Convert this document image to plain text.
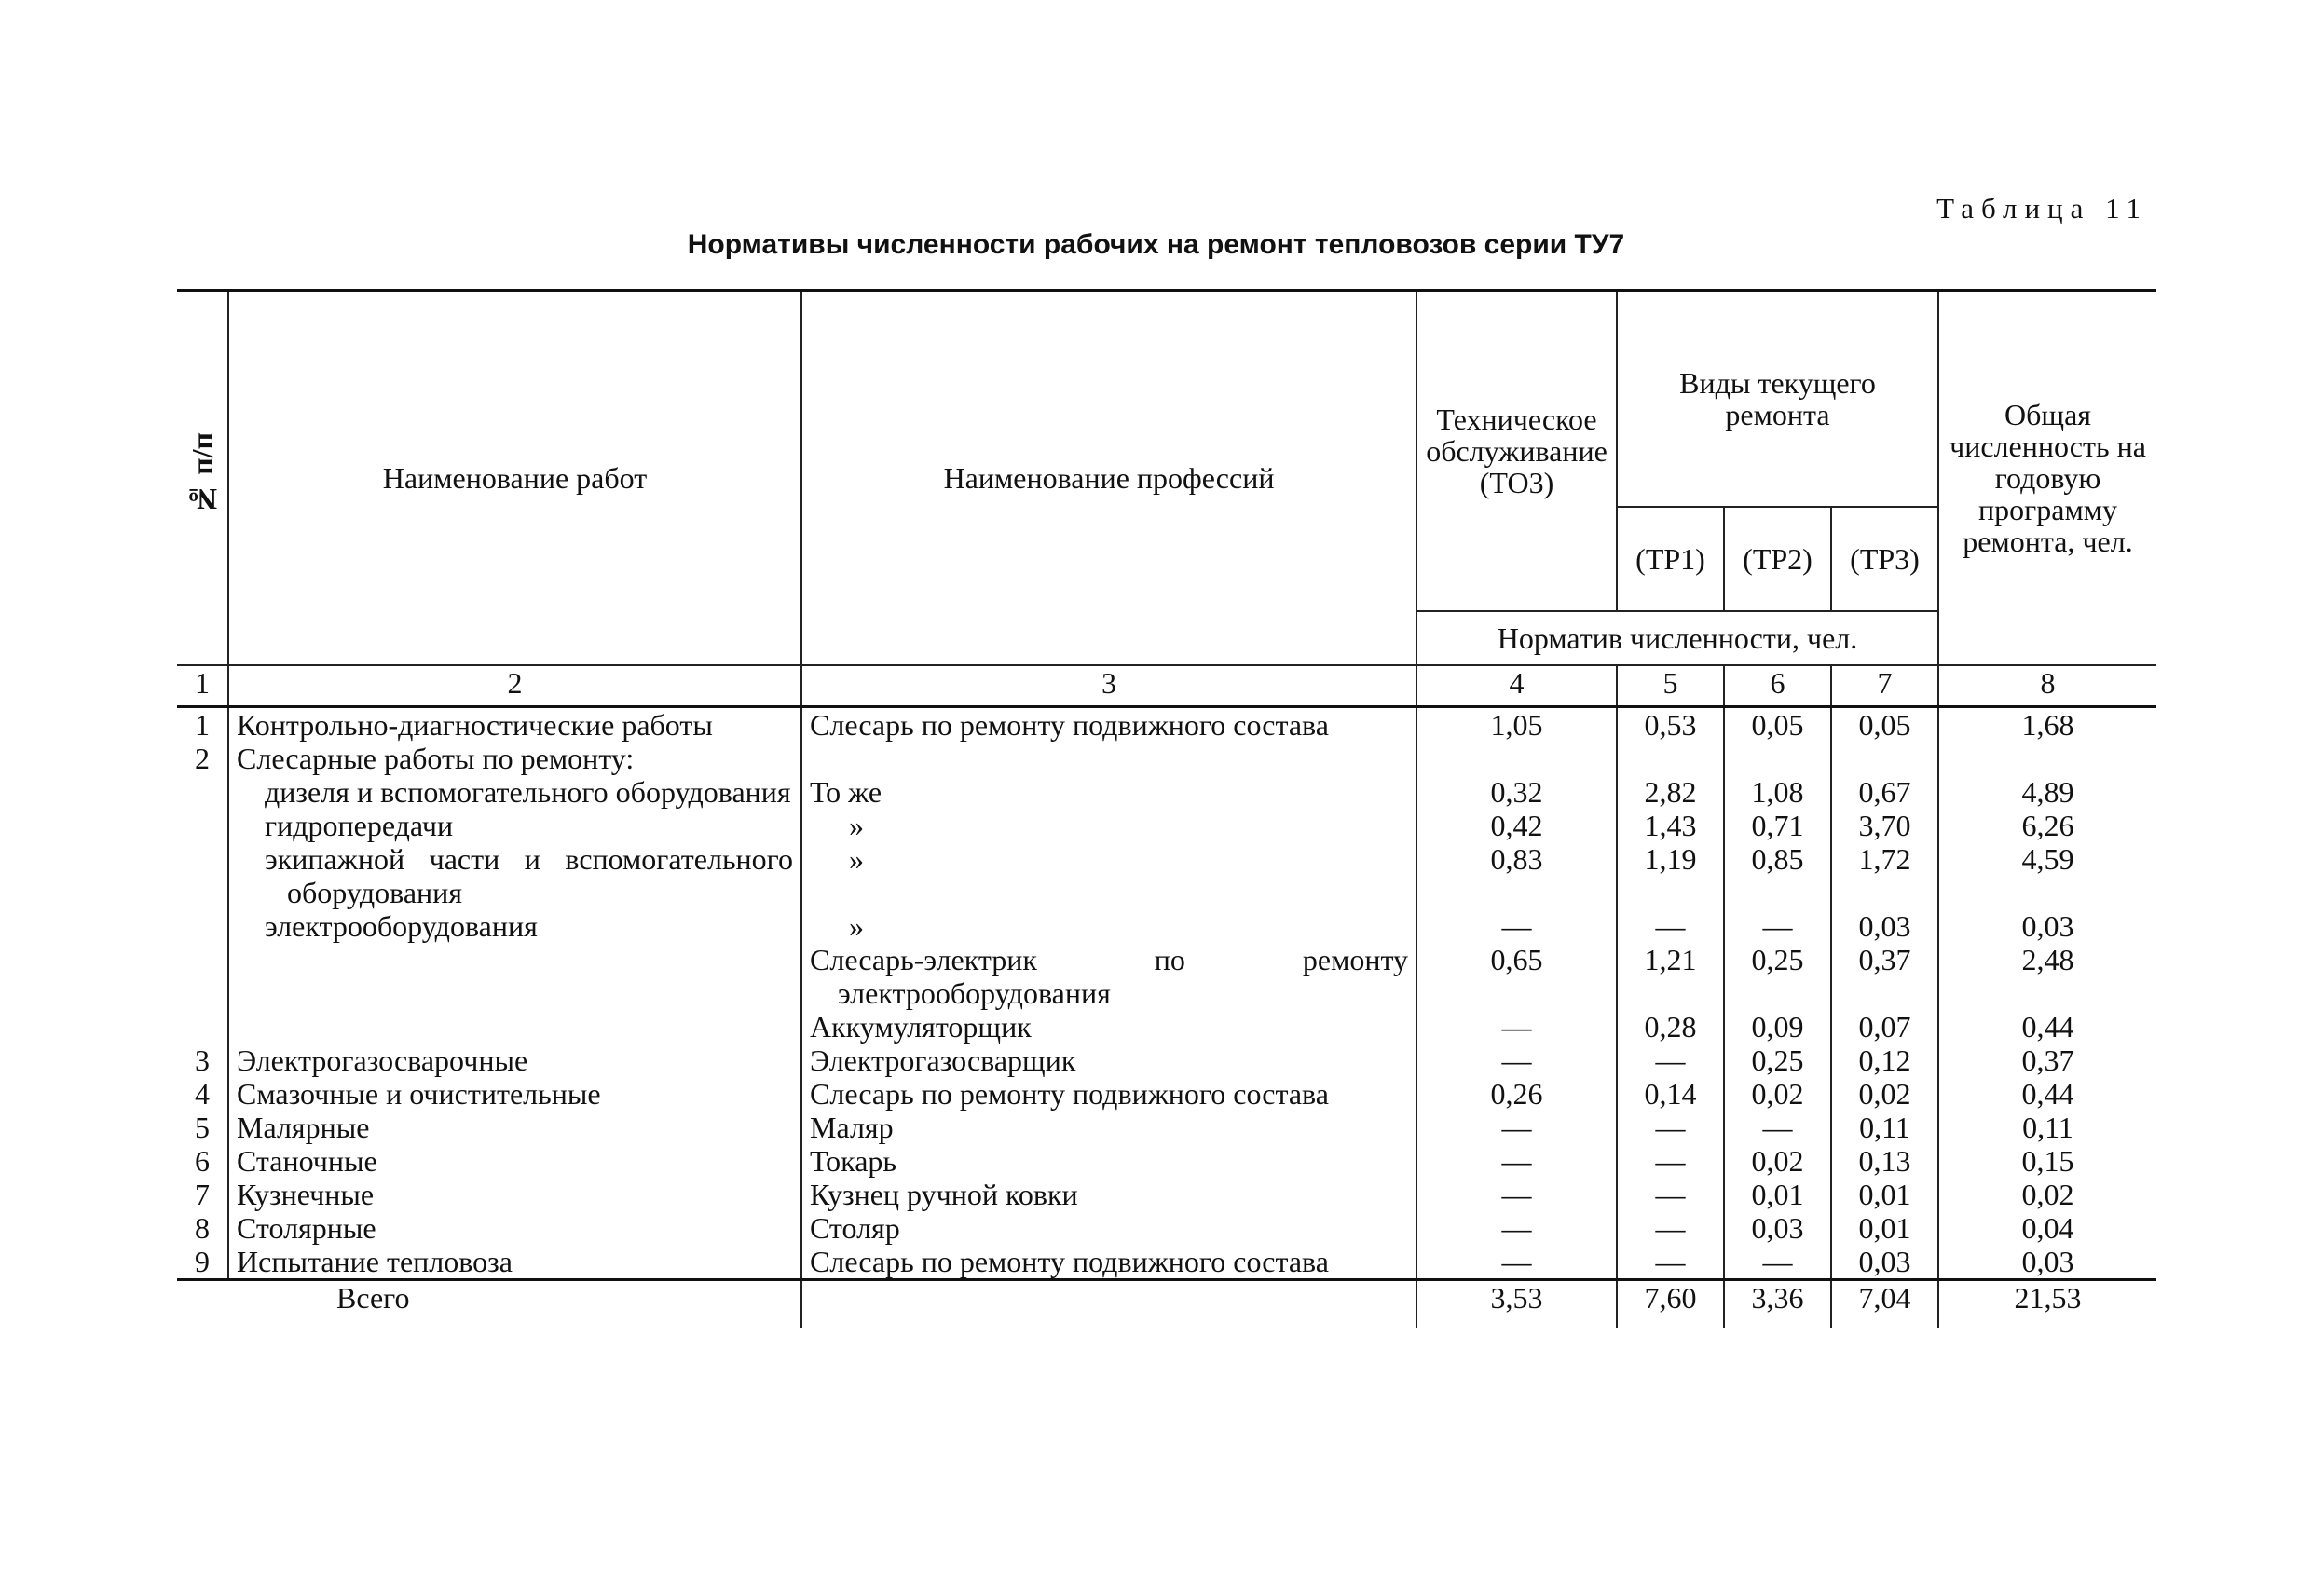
Таблица 11
Нормативы численности рабочих на ремонт тепловозов серии ТУ7
№ п/п	Наименование работ	Наименование профессий	Техническое обслуживание (ТО3)	Виды текущего ремонта			Общая численность на годовую программу ремонта, чел.
				(ТР1)	(ТР2)	(ТР3)	
			Норматив численности, чел.				
1	2	3	4	5	6	7	8
1	Контрольно-диагностические работы	Слесарь по ремонту подвижного состава	1,05	0,53	0,05	0,05	1,68
2	Слесарные работы по ремонту:						
	дизеля и вспомогательного оборудования	То же	0,32	2,82	1,08	0,67	4,89
	гидропередачи	»	0,42	1,43	0,71	3,70	6,26
	экипажной части и вспомогательного оборудования	»	0,83	1,19	0,85	1,72	4,59
	электрооборудования	»	—	—	—	0,03	0,03
		Слесарь-электрик по ремонту электрооборудования	0,65	1,21	0,25	0,37	2,48
		Аккумуляторщик	—	0,28	0,09	0,07	0,44
3	Электрогазосварочные	Электрогазосварщик	—	—	0,25	0,12	0,37
4	Смазочные и очистительные	Слесарь по ремонту подвижного состава	0,26	0,14	0,02	0,02	0,44
5	Малярные	Маляр	—	—	—	0,11	0,11
6	Станочные	Токарь	—	—	0,02	0,13	0,15
7	Кузнечные	Кузнец ручной ковки	—	—	0,01	0,01	0,02
8	Столярные	Столяр	—	—	0,03	0,01	0,04
9	Испытание тепловоза	Слесарь по ремонту подвижного состава	—	—	—	0,03	0,03
	Всего		3,53	7,60	3,36	7,04	21,53
